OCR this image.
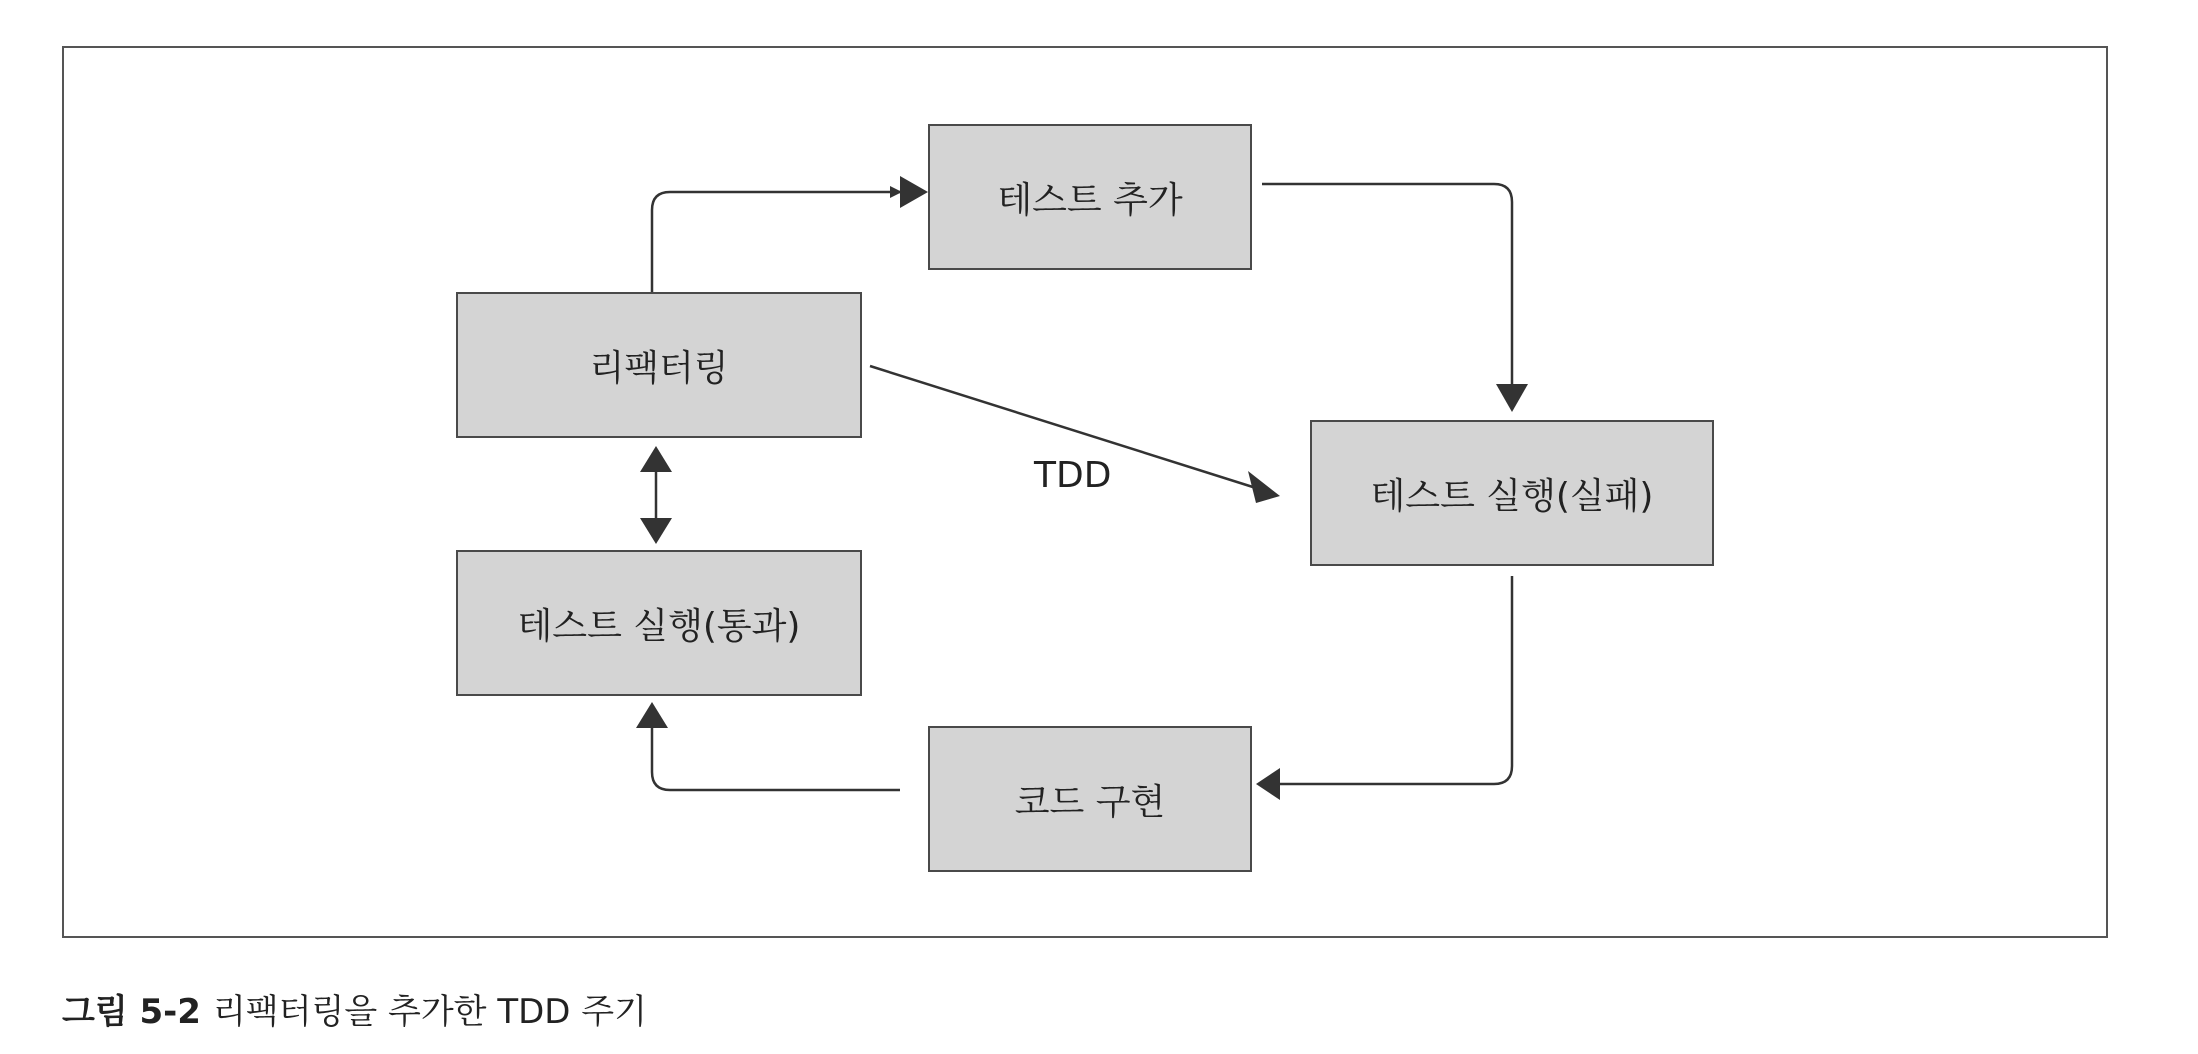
테스트 추가
리팩터링
테스트 실행(실패)
테스트 실행(통과)
코드 구현
TDD
그림 5-2 리팩터링을 추가한 TDD 주기
